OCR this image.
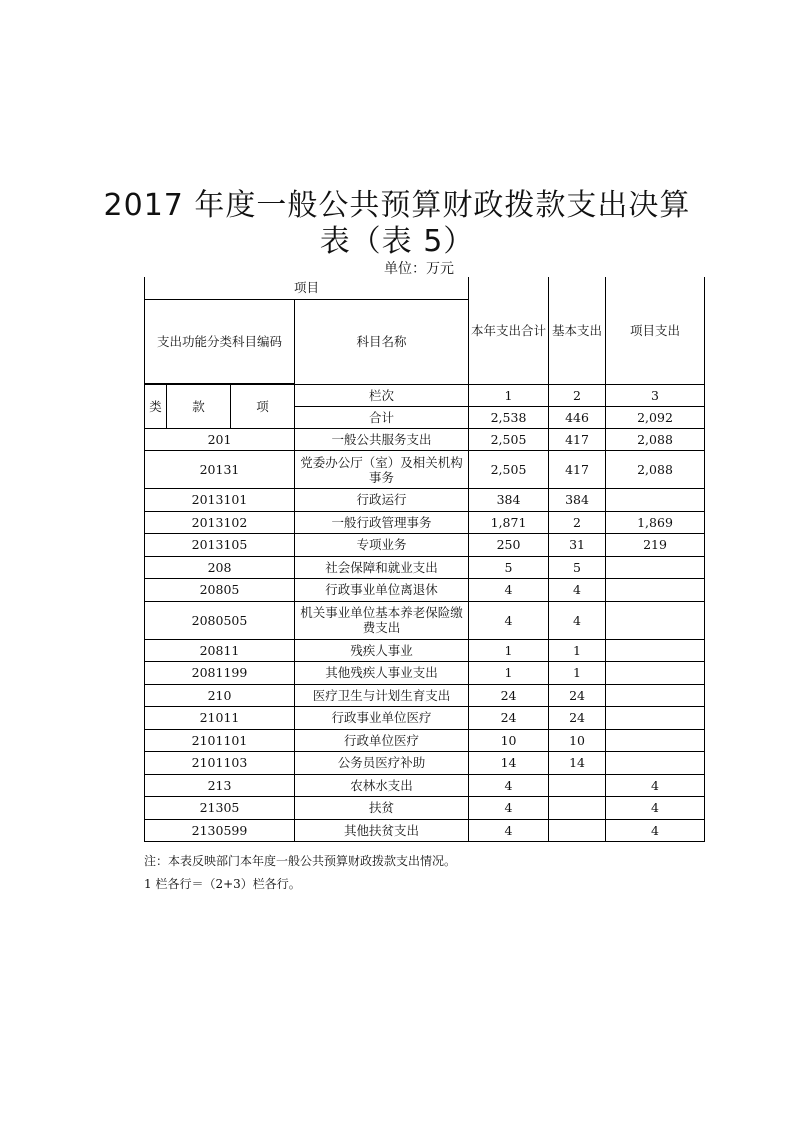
2017 年度一般公共预算财政拨款支出决算
表（表 5）
单位：万元
项目				本年支出合计	基本支出	项目支出
支出功能分类科目编码			科目名称			

类	款	项	栏次	1	2	3
			合计	2,538	446	2,092
201			一般公共服务支出	2,505	417	2,088
20131			党委办公厅（室）及相关机构事务	2,505	417	2,088
2013101			行政运行	384	384	
2013102			一般行政管理事务	1,871	2	1,869
2013105			专项业务	250	31	219
208			社会保障和就业支出	5	5	
20805			行政事业单位离退休	4	4	
2080505			机关事业单位基本养老保险缴费支出	4	4	
20811			残疾人事业	1	1	
2081199			其他残疾人事业支出	1	1	
210			医疗卫生与计划生育支出	24	24	
21011			行政事业单位医疗	24	24	
2101101			行政单位医疗	10	10	
2101103			公务员医疗补助	14	14	
213			农林水支出	4		4
21305			扶贫	4		4
2130599			其他扶贫支出	4		4
注：本表反映部门本年度一般公共预算财政拨款支出情况。
1 栏各行＝（2+3）栏各行。
